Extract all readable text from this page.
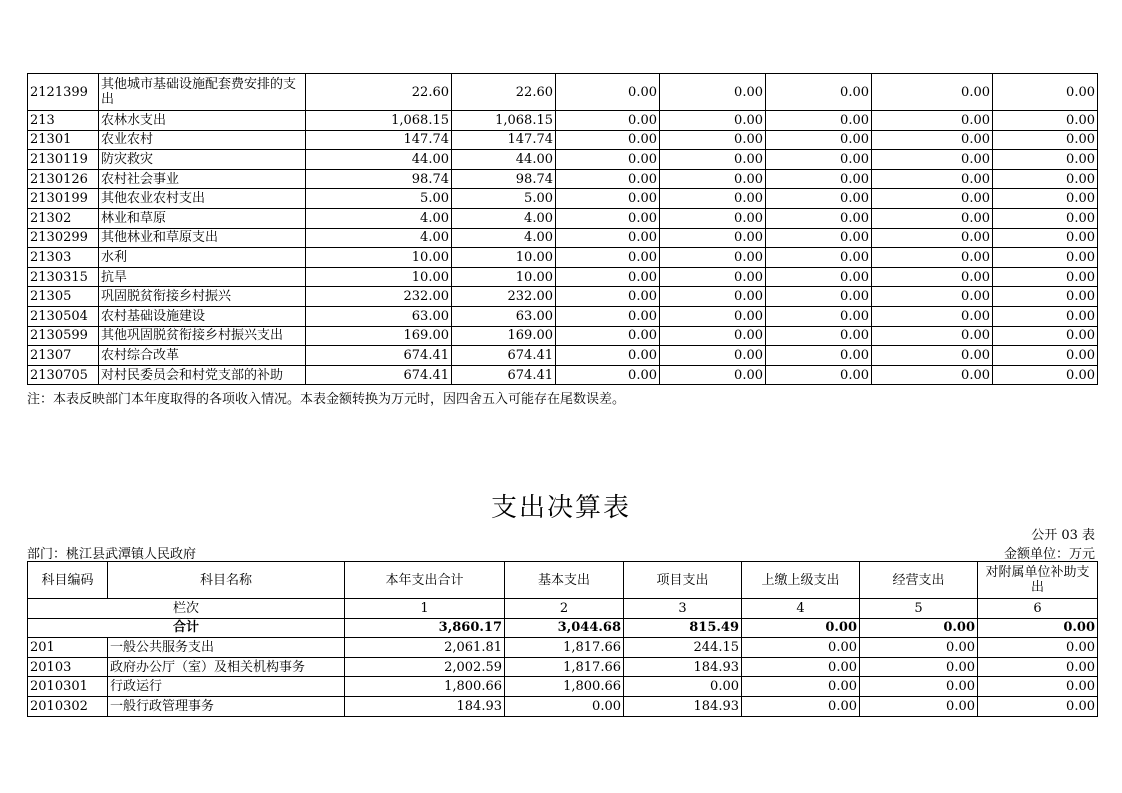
2121399	其他城市基础设施配套费安排的支出	22.60	22.60	0.00	0.00	0.00	0.00	0.00
213	农林水支出	1,068.15	1,068.15	0.00	0.00	0.00	0.00	0.00
21301	农业农村	147.74	147.74	0.00	0.00	0.00	0.00	0.00
2130119	防灾救灾	44.00	44.00	0.00	0.00	0.00	0.00	0.00
2130126	农村社会事业	98.74	98.74	0.00	0.00	0.00	0.00	0.00
2130199	其他农业农村支出	5.00	5.00	0.00	0.00	0.00	0.00	0.00
21302	林业和草原	4.00	4.00	0.00	0.00	0.00	0.00	0.00
2130299	其他林业和草原支出	4.00	4.00	0.00	0.00	0.00	0.00	0.00
21303	水利	10.00	10.00	0.00	0.00	0.00	0.00	0.00
2130315	抗旱	10.00	10.00	0.00	0.00	0.00	0.00	0.00
21305	巩固脱贫衔接乡村振兴	232.00	232.00	0.00	0.00	0.00	0.00	0.00
2130504	农村基础设施建设	63.00	63.00	0.00	0.00	0.00	0.00	0.00
2130599	其他巩固脱贫衔接乡村振兴支出	169.00	169.00	0.00	0.00	0.00	0.00	0.00
21307	农村综合改革	674.41	674.41	0.00	0.00	0.00	0.00	0.00
2130705	对村民委员会和村党支部的补助	674.41	674.41	0.00	0.00	0.00	0.00	0.00
注：本表反映部门本年度取得的各项收入情况。本表金额转换为万元时，因四舍五入可能存在尾数误差。
支出决算表
公开 03 表
部门：桃江县武潭镇人民政府	金额单位：万元
科目编码	科目名称	本年支出合计	基本支出	项目支出	上缴上级支出	经营支出	对附属单位补助支出
栏次		1	2	3	4	5	6
合计		3,860.17	3,044.68	815.49	0.00	0.00	0.00
201	一般公共服务支出	2,061.81	1,817.66	244.15	0.00	0.00	0.00
20103	政府办公厅（室）及相关机构事务	2,002.59	1,817.66	184.93	0.00	0.00	0.00
2010301	行政运行	1,800.66	1,800.66	0.00	0.00	0.00	0.00
2010302	一般行政管理事务	184.93	0.00	184.93	0.00	0.00	0.00
